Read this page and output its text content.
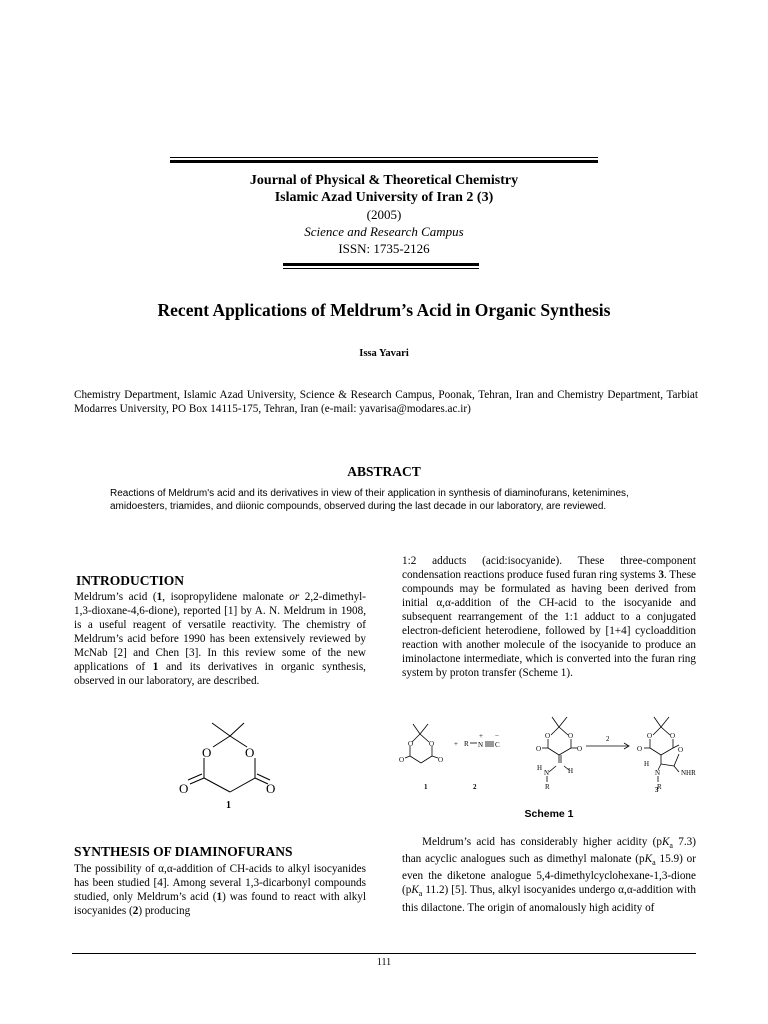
Journal of Physical & Theoretical Chemistry
Islamic Azad University of Iran 2 (3)
(2005)
Science and Research Campus
ISSN: 1735-2126
Recent Applications of Meldrum’s Acid in Organic Synthesis
Issa Yavari
Chemistry Department, Islamic Azad University, Science & Research Campus, Poonak, Tehran, Iran and Chemistry Department, Tarbiat Modarres University, PO Box 14115-175, Tehran, Iran (e-mail: yavarisa@modares.ac.ir)
ABSTRACT
Reactions of Meldrum's acid and its derivatives in view of their application in synthesis of diaminofurans, ketenimines, amidoesters, triamides, and diionic compounds, observed during the last decade in our laboratory, are reviewed.
INTRODUCTION

Meldrum’s acid (1, isopropylidene malonate or 2,2-dimethyl-1,3-dioxane-4,6-dione), reported [1] by A. N. Meldrum in 1908, is a useful reagent of versatile reactivity. The chemistry of Meldrum’s acid before 1990 has been extensively reviewed by McNab [2] and Chen [3]. In this review some of the new applications of 1 and its derivatives in organic synthesis, observed in our laboratory, are described.

O	O
O	O
1
SYNTHESIS OF DIAMINOFURANS

The possibility of α,α-addition of CH-acids to alkyl isocyanides has been studied [4]. Among several 1,3-dicarbonyl compounds studied, only Meldrum’s acid (1) was found to react with alkyl isocyanides (2) producing

1:2 adducts (acid:isocyanide). These three-component condensation reactions produce fused furan ring systems 3. These compounds may be formulated as having been derived from initial α,α-addition of the CH-acid to the isocyanide and subsequent rearrangement of the 1:1 adduct to a conjugated electron-deficient heterodiene, followed by [1+4] cycloaddition reaction with another molecule of the isocyanide to produce an iminolactone intermediate, which is converted into the furan ring system by proton transfer (Scheme 1).

O O
O	O
+ R N
+
C
−	O	O
O	O
H
N	H
R
2	O	O
O	O
H
N
R
NHR
1	2	3
Scheme 1

Meldrum’s acid has considerably higher acidity ($pK_a$ 7.3) than acyclic analogues such as dimethyl malonate ($pK_a$ 15.9) or even the diketone analogue 5,4-dimethylcyclohexane-1,3-dione ($pK_a$ 11.2) [5]. Thus, alkyl isocyanides undergo α,α-addition with this dilactone. The origin of anomalously high acidity of

111
